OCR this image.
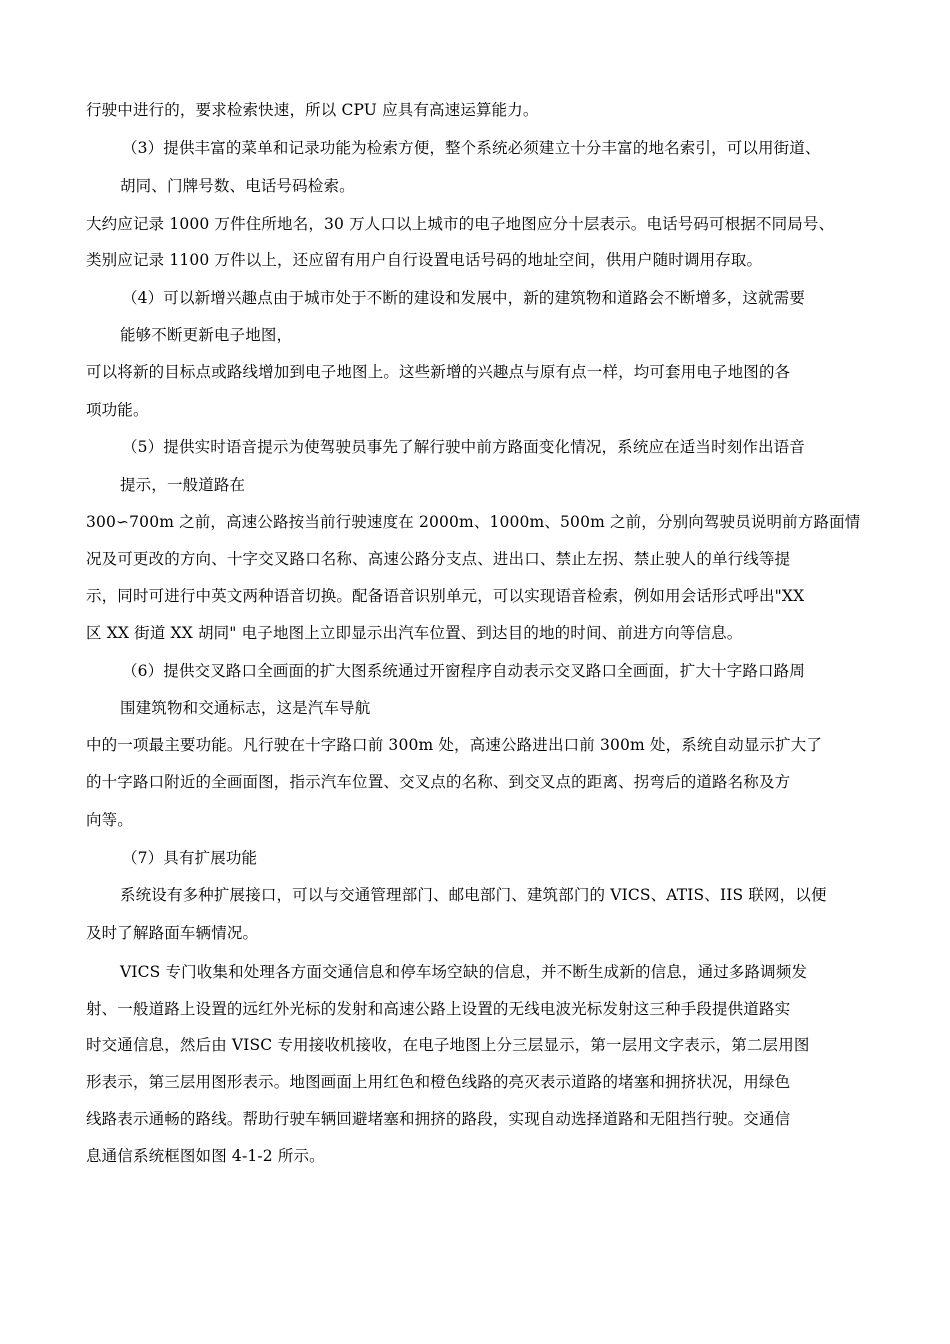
行驶中进行的，要求检索快速，所以 CPU 应具有高速运算能力。
（3）提供丰富的菜单和记录功能为检索方便，整个系统必须建立十分丰富的地名索引，可以用街道、
胡同、门牌号数、电话号码检索。
大约应记录 1000 万件住所地名，30 万人口以上城市的电子地图应分十层表示。电话号码可根据不同局号、
类别应记录 1100 万件以上，还应留有用户自行设置电话号码的地址空间，供用户随时调用存取。
（4）可以新增兴趣点由于城市处于不断的建设和发展中，新的建筑物和道路会不断增多，这就需要
能够不断更新电子地图，
可以将新的目标点或路线增加到电子地图上。这些新增的兴趣点与原有点一样，均可套用电子地图的各
项功能。
（5）提供实时语音提示为使驾驶员事先了解行驶中前方路面变化情况，系统应在适当时刻作出语音
提示，一般道路在
300∽700m 之前，高速公路按当前行驶速度在 2000m、1000m、500m 之前，分别向驾驶员说明前方路面情
况及可更改的方向、十字交叉路口名称、高速公路分支点、进出口、禁止左拐、禁止驶人的单行线等提
示，同时可进行中英文两种语音切换。配备语音识别单元，可以实现语音检索，例如用会话形式呼出"XX
区 XX 街道 XX 胡同" 电子地图上立即显示出汽车位置、到达目的地的时间、前进方向等信息。
（6）提供交叉路口全画面的扩大图系统通过开窗程序自动表示交叉路口全画面，扩大十字路口路周
围建筑物和交通标志，这是汽车导航
中的一项最主要功能。凡行驶在十字路口前 300m 处，高速公路进出口前 300m 处，系统自动显示扩大了
的十字路口附近的全画面图，指示汽车位置、交叉点的名称、到交叉点的距离、拐弯后的道路名称及方
向等。
（7）具有扩展功能
系统设有多种扩展接口，可以与交通管理部门、邮电部门、建筑部门的 VICS、ATIS、IIS 联网，以便
及时了解路面车辆情况。
VICS 专门收集和处理各方面交通信息和停车场空缺的信息，并不断生成新的信息，通过多路调频发
射、一般道路上设置的远红外光标的发射和高速公路上设置的无线电波光标发射这三种手段提供道路实
时交通信息，然后由 VISC 专用接收机接收，在电子地图上分三层显示，第一层用文字表示，第二层用图
形表示，第三层用图形表示。地图画面上用红色和橙色线路的亮灭表示道路的堵塞和拥挤状况，用绿色
线路表示通畅的路线。帮助行驶车辆回避堵塞和拥挤的路段，实现自动选择道路和无阻挡行驶。交通信
息通信系统框图如图 4-1-2 所示。
